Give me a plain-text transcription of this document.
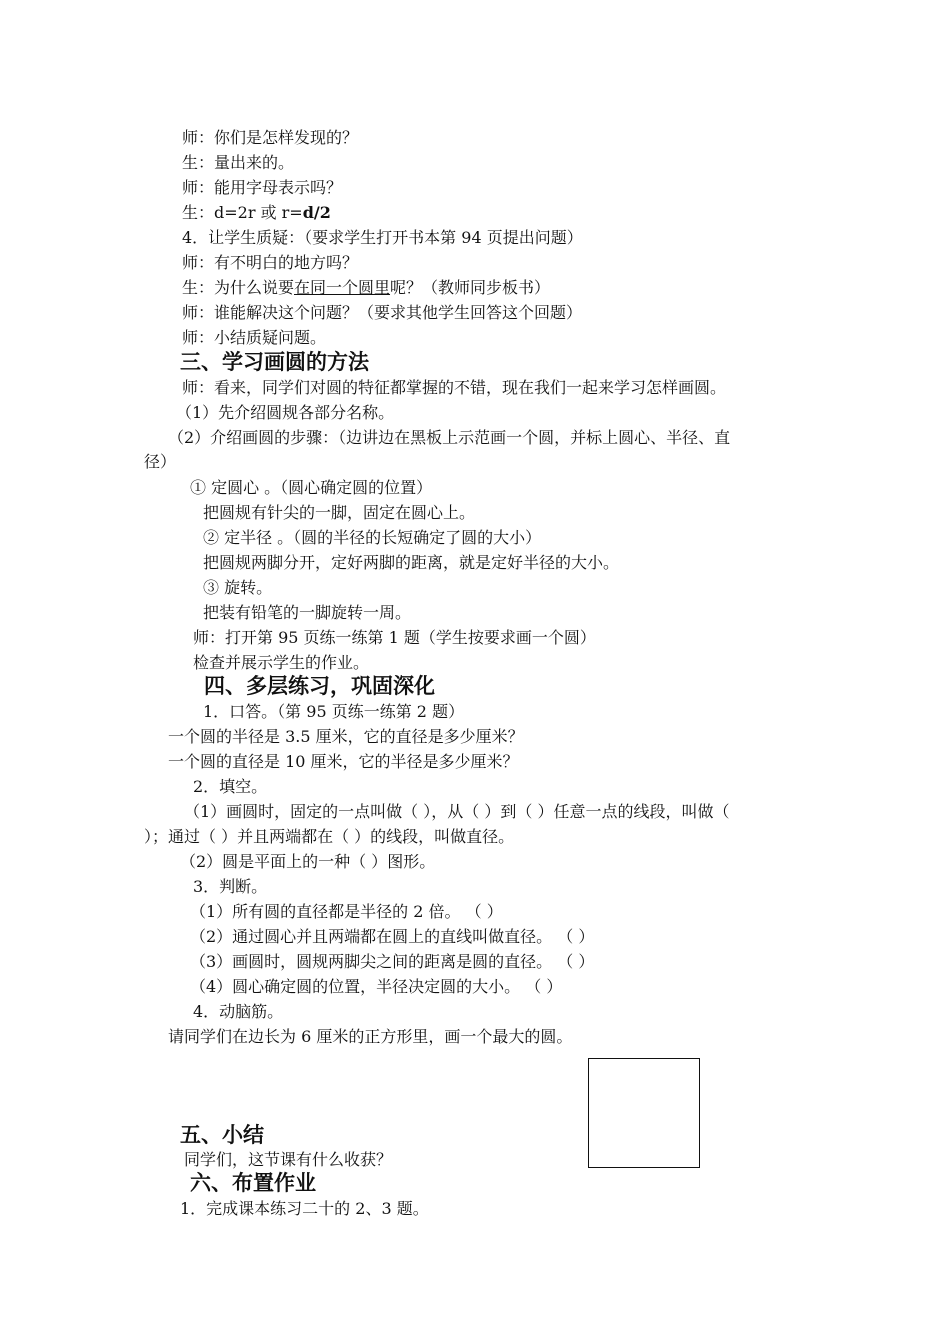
师：你们是怎样发现的？
生：量出来的。
师：能用字母表示吗？
生：d=2r 或 r=d/2
4．让学生质疑：（要求学生打开书本第 94 页提出问题）
师：有不明白的地方吗？
生：为什么说要在同一个圆里呢？（教师同步板书）
师：谁能解决这个问题？（要求其他学生回答这个回题）
师：小结质疑问题。
三、学习画圆的方法
师：看来，同学们对圆的特征都掌握的不错，现在我们一起来学习怎样画圆。
（1）先介绍圆规各部分名称。
（2）介绍画圆的步骤：（边讲边在黑板上示范画一个圆，并标上圆心、半径、直
径）
① 定圆心 。（圆心确定圆的位置）
把圆规有针尖的一脚，固定在圆心上。
② 定半径 。（圆的半径的长短确定了圆的大小）
把圆规两脚分开，定好两脚的距离，就是定好半径的大小。
③ 旋转。
把装有铅笔的一脚旋转一周。
师：打开第 95 页练一练第 1 题（学生按要求画一个圆）
检查并展示学生的作业。
四、多层练习，巩固深化
1．口答。（第 95 页练一练第 2 题）
一个圆的半径是 3.5 厘米，它的直径是多少厘米？
一个圆的直径是 10 厘米，它的半径是多少厘米？
2．填空。
（1）画圆时，固定的一点叫做（ ），从（ ）到（ ）任意一点的线段，叫做（
）；通过（ ）并且两端都在（ ）的线段，叫做直径。
（2）圆是平面上的一种（ ）图形。
3．判断。
（1）所有圆的直径都是半径的 2 倍。 （ ）
（2）通过圆心并且两端都在圆上的直线叫做直径。 （ ）
（3）画圆时，圆规两脚尖之间的距离是圆的直径。 （ ）
（4）圆心确定圆的位置，半径决定圆的大小。 （ ）
4．动脑筋。
请同学们在边长为 6 厘米的正方形里，画一个最大的圆。
五、小结
同学们，这节课有什么收获？
六、布置作业
1．完成课本练习二十的 2、3 题。
